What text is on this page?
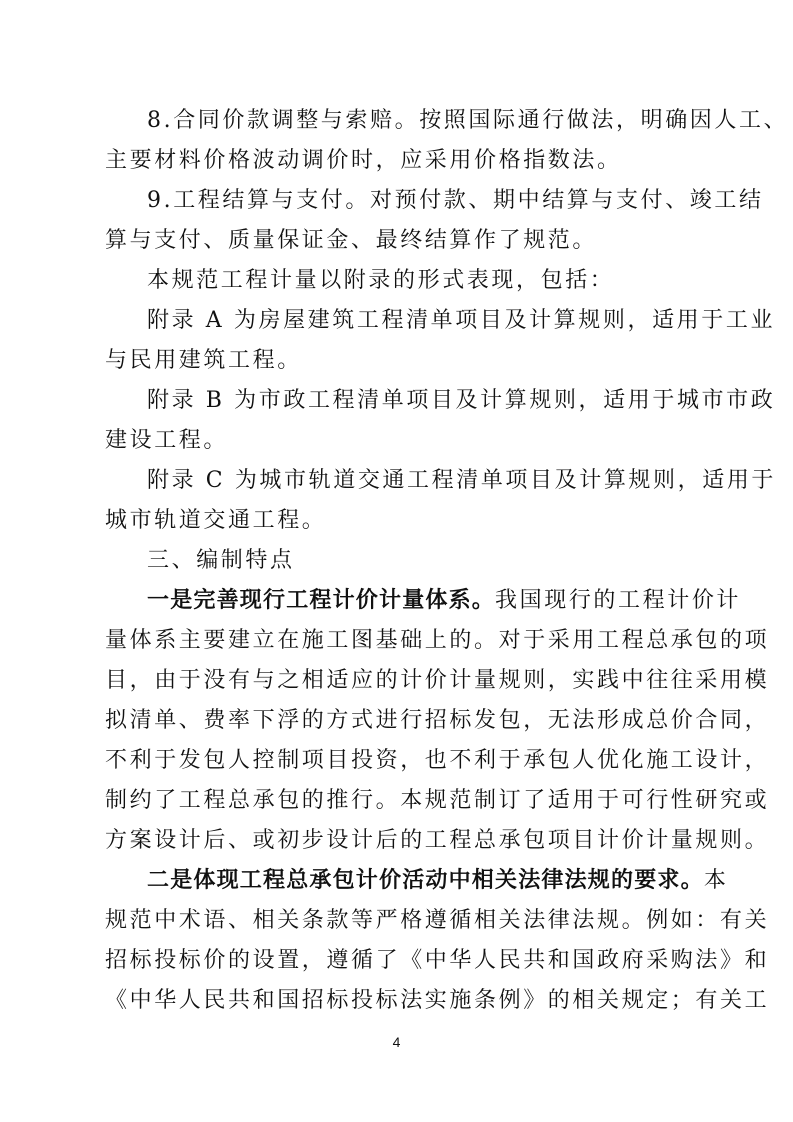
8.合同价款调整与索赔。按照国际通行做法，明确因人工、
主要材料价格波动调价时，应采用价格指数法。
9.工程结算与支付。对预付款、期中结算与支付、竣工结
算与支付、质量保证金、最终结算作了规范。
本规范工程计量以附录的形式表现，包括：
附录 A 为房屋建筑工程清单项目及计算规则，适用于工业
与民用建筑工程。
附录 B 为市政工程清单项目及计算规则，适用于城市市政
建设工程。
附录 C 为城市轨道交通工程清单项目及计算规则，适用于
城市轨道交通工程。
三、编制特点
一是完善现行工程计价计量体系。我国现行的工程计价计
量体系主要建立在施工图基础上的。对于采用工程总承包的项
目，由于没有与之相适应的计价计量规则，实践中往往采用模
拟清单、费率下浮的方式进行招标发包，无法形成总价合同，
不利于发包人控制项目投资，也不利于承包人优化施工设计，
制约了工程总承包的推行。本规范制订了适用于可行性研究或
方案设计后、或初步设计后的工程总承包项目计价计量规则。
二是体现工程总承包计价活动中相关法律法规的要求。本
规范中术语、相关条款等严格遵循相关法律法规。例如：有关
招标投标价的设置，遵循了《中华人民共和国政府采购法》和
《中华人民共和国招标投标法实施条例》的相关规定；有关工
4
